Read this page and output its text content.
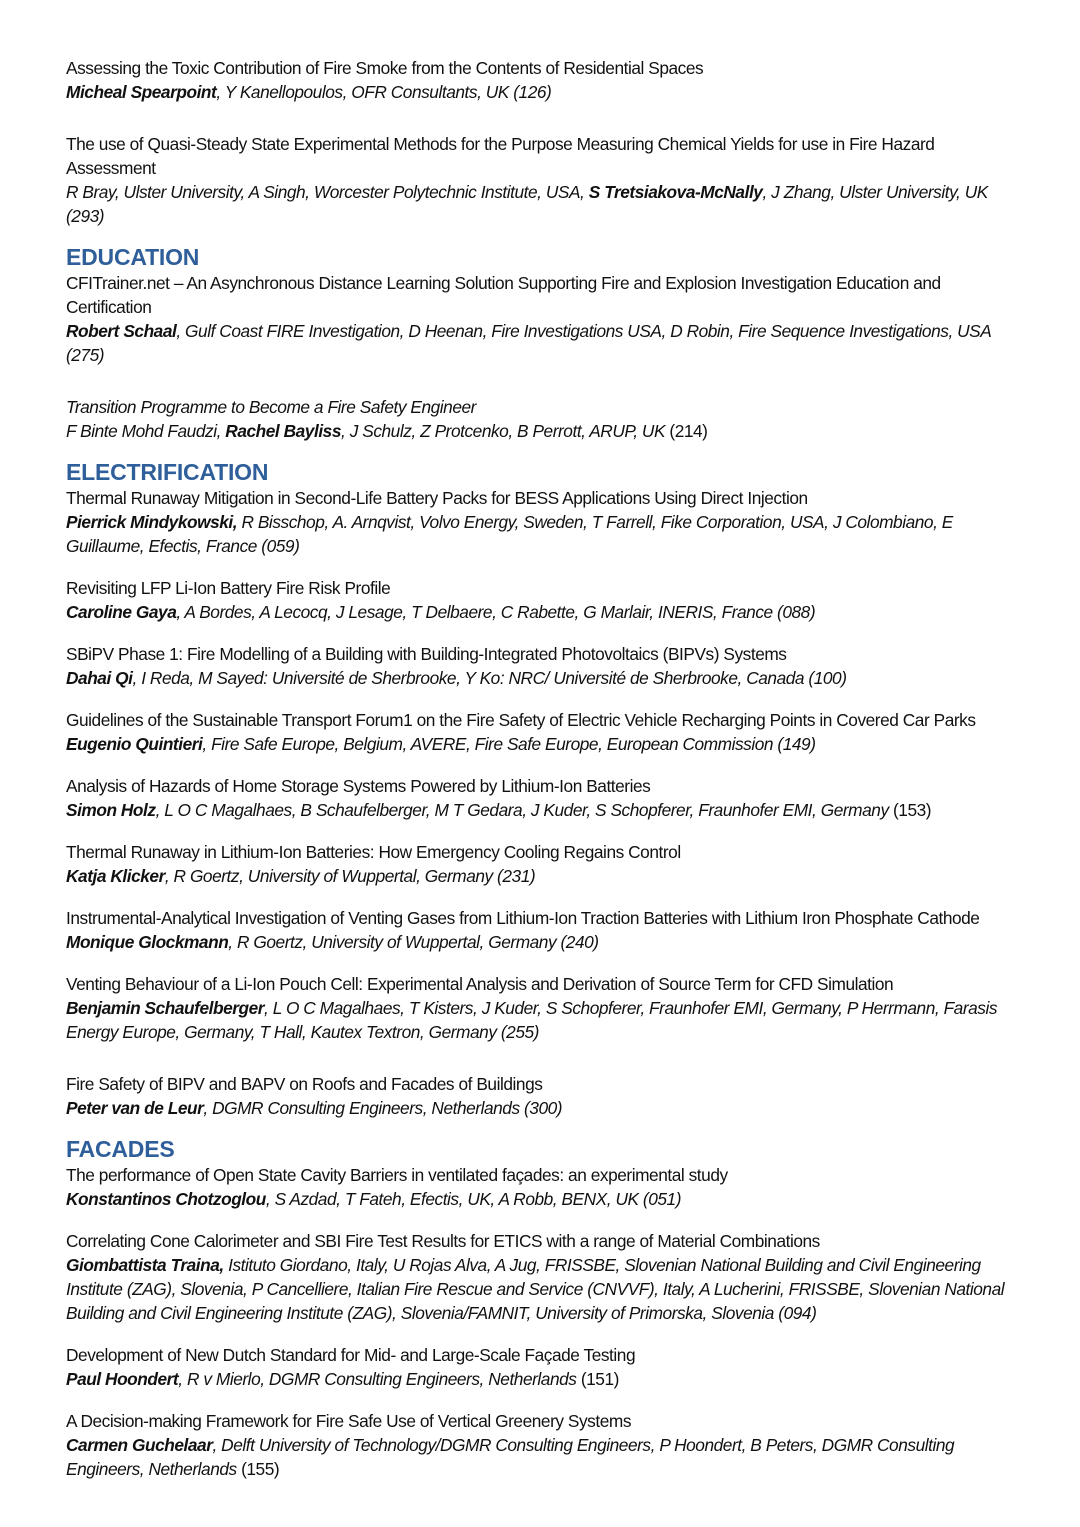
Assessing the Toxic Contribution of Fire Smoke from the Contents of Residential Spaces
Micheal Spearpoint, Y Kanellopoulos, OFR Consultants, UK (126)
The use of Quasi-Steady State Experimental Methods for the Purpose Measuring Chemical Yields for use in Fire Hazard Assessment
R Bray, Ulster University, A Singh, Worcester Polytechnic Institute, USA, S Tretsiakova-McNally, J Zhang, Ulster University, UK (293)
EDUCATION
CFITrainer.net – An Asynchronous Distance Learning Solution Supporting Fire and Explosion Investigation Education and Certification
Robert Schaal, Gulf Coast FIRE Investigation, D Heenan, Fire Investigations USA, D Robin, Fire Sequence Investigations, USA (275)
Transition Programme to Become a Fire Safety Engineer
F Binte Mohd Faudzi, Rachel Bayliss, J Schulz, Z Protcenko, B Perrott, ARUP, UK (214)
ELECTRIFICATION
Thermal Runaway Mitigation in Second-Life Battery Packs for BESS Applications Using Direct Injection
Pierrick Mindykowski, R Bisschop, A. Arnqvist, Volvo Energy, Sweden, T Farrell, Fike Corporation, USA, J Colombiano, E Guillaume, Efectis, France (059)
Revisiting LFP Li-Ion Battery Fire Risk Profile
Caroline Gaya, A Bordes, A Lecocq, J Lesage, T Delbaere, C Rabette, G Marlair, INERIS, France (088)
SBiPV Phase 1: Fire Modelling of a Building with Building-Integrated Photovoltaics (BIPVs) Systems
Dahai Qi, I Reda, M Sayed: Université de Sherbrooke, Y Ko: NRC/ Université de Sherbrooke, Canada (100)
Guidelines of the Sustainable Transport Forum1 on the Fire Safety of Electric Vehicle Recharging Points in Covered Car Parks
Eugenio Quintieri, Fire Safe Europe, Belgium, AVERE, Fire Safe Europe, European Commission (149)
Analysis of Hazards of Home Storage Systems Powered by Lithium-Ion Batteries
Simon Holz, L O C Magalhaes, B Schaufelberger, M T Gedara, J Kuder, S Schopferer, Fraunhofer EMI, Germany (153)
Thermal Runaway in Lithium-Ion Batteries: How Emergency Cooling Regains Control
Katja Klicker, R Goertz, University of Wuppertal, Germany (231)
Instrumental-Analytical Investigation of Venting Gases from Lithium-Ion Traction Batteries with Lithium Iron Phosphate Cathode
Monique Glockmann, R Goertz, University of Wuppertal, Germany (240)
Venting Behaviour of a Li-Ion Pouch Cell: Experimental Analysis and Derivation of Source Term for CFD Simulation
Benjamin Schaufelberger, L O C Magalhaes, T Kisters, J Kuder, S Schopferer, Fraunhofer EMI, Germany, P Herrmann, Farasis Energy Europe, Germany, T Hall, Kautex Textron, Germany (255)
Fire Safety of BIPV and BAPV on Roofs and Facades of Buildings
Peter van de Leur, DGMR Consulting Engineers, Netherlands (300)
FACADES
The performance of Open State Cavity Barriers in ventilated façades: an experimental study
Konstantinos Chotzoglou, S Azdad, T Fateh, Efectis, UK, A Robb, BENX, UK (051)
Correlating Cone Calorimeter and SBI Fire Test Results for ETICS with a range of Material Combinations
Giombattista Traina, Istituto Giordano, Italy, U Rojas Alva, A Jug, FRISSBE, Slovenian National Building and Civil Engineering Institute (ZAG), Slovenia, P Cancelliere, Italian Fire Rescue and Service (CNVVF), Italy, A Lucherini, FRISSBE, Slovenian National Building and Civil Engineering Institute (ZAG), Slovenia/FAMNIT, University of Primorska, Slovenia (094)
Development of New Dutch Standard for Mid- and Large-Scale Façade Testing
Paul Hoondert, R v Mierlo, DGMR Consulting Engineers, Netherlands (151)
A Decision-making Framework for Fire Safe Use of Vertical Greenery Systems
Carmen Guchelaar, Delft University of Technology/DGMR Consulting Engineers, P Hoondert, B Peters, DGMR Consulting Engineers, Netherlands (155)
